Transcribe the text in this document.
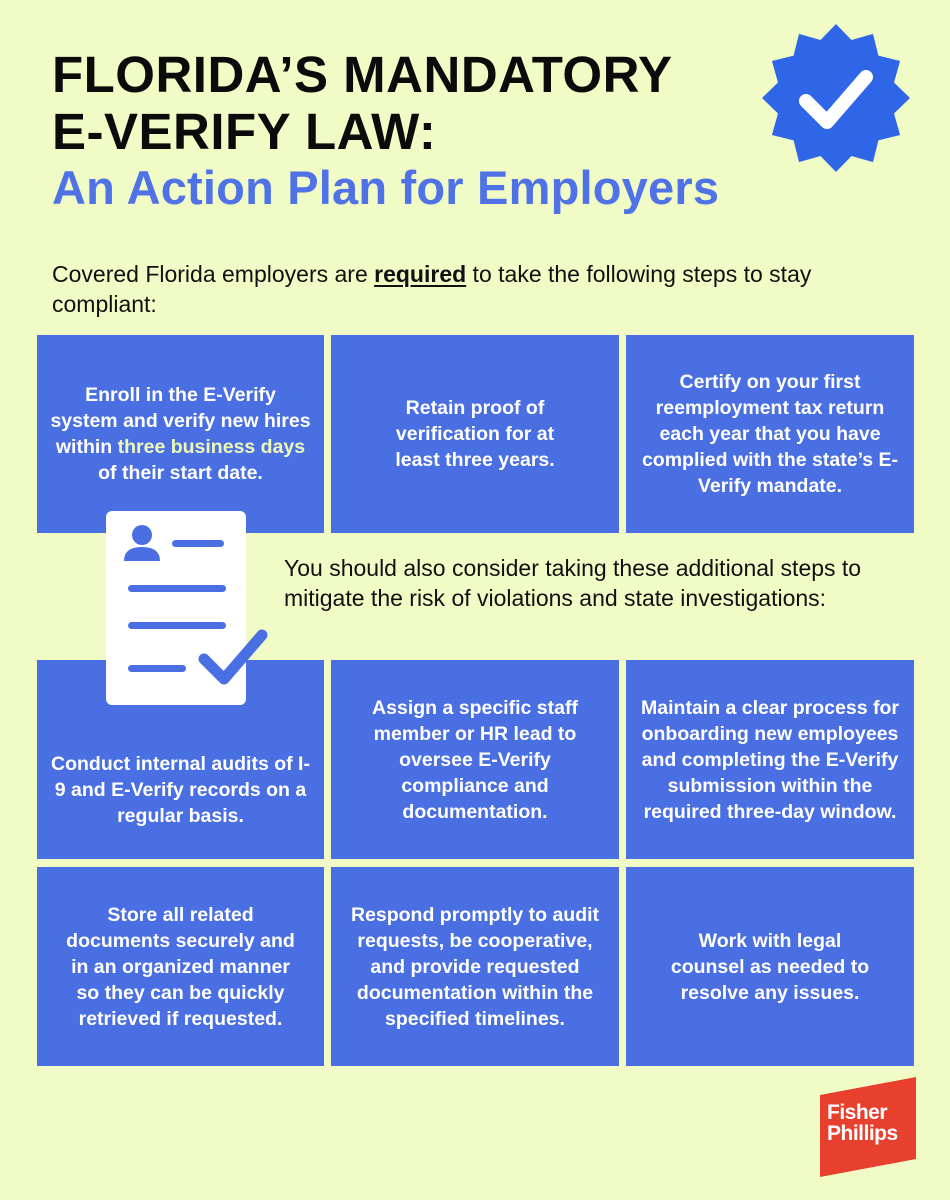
FLORIDA’S MANDATORY

E-VERIFY LAW:

An Action Plan for Employers

Covered Florida employers are required to take the following steps to stay compliant:
Enroll in the E-Verify system and verify new hires within three business days of their start date.
Retain proof of verification for at least three years.
Certify on your first reemployment tax return each year that you have complied with the state’s E-Verify mandate.
You should also consider taking these additional steps to mitigate the risk of violations and state investigations:
Conduct internal audits of I-9 and E-Verify records on a regular basis.
Assign a specific staff member or HR lead to oversee E-Verify compliance and documentation.
Maintain a clear process for onboarding new employees and completing the E-Verify submission within the required three-day window.
Store all related documents securely and in an organized manner so they can be quickly retrieved if requested.
Respond promptly to audit requests, be cooperative, and provide requested documentation within the specified timelines.
Work with legal counsel as needed to resolve any issues.
Fisher
Phillips
